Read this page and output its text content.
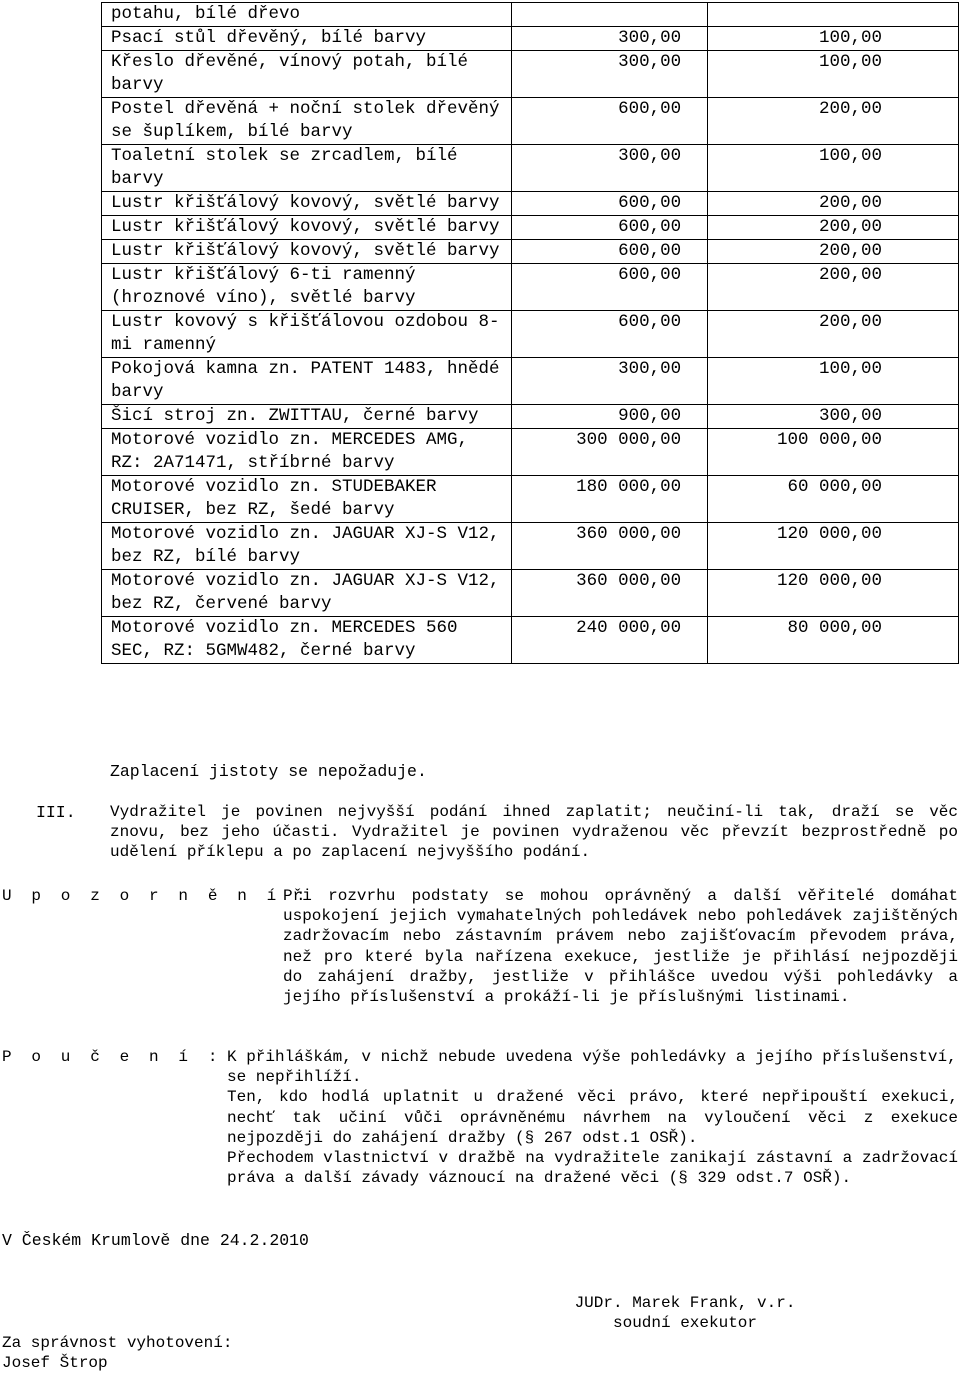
potahu, bílé dřevo		
Psací stůl dřevěný, bílé barvy	300,00	100,00
Křeslo dřevěné, vínový potah, bílé barvy	300,00	100,00
Postel dřevěná + noční stolek dřevěný se šuplíkem, bílé barvy	600,00	200,00
Toaletní stolek se zrcadlem, bílé barvy	300,00	100,00
Lustr křišťálový kovový, světlé barvy	600,00	200,00
Lustr křišťálový kovový, světlé barvy	600,00	200,00
Lustr křišťálový kovový, světlé barvy	600,00	200,00
Lustr křišťálový 6-ti ramenný (hroznové víno), světlé barvy	600,00	200,00
Lustr kovový s křišťálovou ozdobou 8-mi ramenný	600,00	200,00
Pokojová kamna zn. PATENT 1483, hnědé barvy	300,00	100,00
Šicí stroj zn. ZWITTAU, černé barvy	900,00	300,00
Motorové vozidlo zn. MERCEDES AMG, RZ: 2A71471, stříbrné barvy	300 000,00	100 000,00
Motorové vozidlo zn. STUDEBAKER CRUISER, bez RZ, šedé barvy	180 000,00	60 000,00
Motorové vozidlo zn. JAGUAR XJ-S V12, bez RZ, bílé barvy	360 000,00	120 000,00
Motorové vozidlo zn. JAGUAR XJ-S V12, bez RZ, červené barvy	360 000,00	120 000,00
Motorové vozidlo zn. MERCEDES 560 SEC, RZ: 5GMW482, černé barvy	240 000,00	80 000,00
Zaplacení jistoty se nepožaduje.
III. Vydražitel je povinen nejvyšší podání ihned zaplatit; neučiní-li tak, draží se věc znovu, bez jeho účasti. Vydražitel je povinen vydraženou věc převzít bezprostředně po udělení příklepu a po zaplacení nejvyššího podání.
U p o z o r n ě n í :
Při rozvrhu podstaty se mohou oprávněný a další věřitelé domáhat uspokojení jejich vymahatelných pohledávek nebo pohledávek zajištěných zadržovacím nebo zástavním právem nebo zajišťovacím převodem práva, než pro které byla nařízena exekuce, jestliže je přihlásí nejpozději do zahájení dražby, jestliže v přihlášce uvedou výši pohledávky a jejího příslušenství a prokáží-li je příslušnými listinami.
P o u č e n í : K přihláškám, v nichž nebude uvedena výše pohledávky a jejího příslušenství, se nepřihlíží.
Ten, kdo hodlá uplatnit u dražené věci právo, které nepřipouští exekuci, nechť tak učiní vůči oprávněnému návrhem na vyloučení věci z exekuce nejpozději do zahájení dražby (§ 267 odst.1 OSŘ).
Přechodem vlastnictví v dražbě na vydražitele zanikají zástavní a zadržovací práva a další závady váznoucí na dražené věci (§ 329 odst.7 OSŘ).
V Českém Krumlově dne 24.2.2010
JUDr. Marek Frank, v.r.
soudní exekutor
Za správnost vyhotovení:
Josef Štrop
